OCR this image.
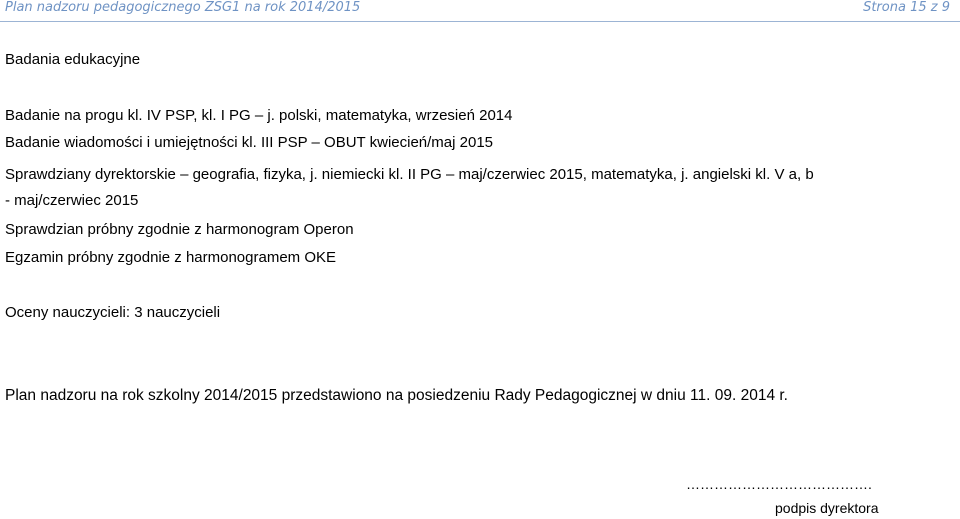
Plan nadzoru pedagogicznego ZSG1 na rok 2014/2015	Strona 15 z 9
Badania edukacyjne
Badanie na progu kl. IV PSP, kl. I PG – j. polski, matematyka, wrzesień 2014
Badanie wiadomości i umiejętności kl. III PSP – OBUT kwiecień/maj 2015
Sprawdziany dyrektorskie – geografia, fizyka, j. niemiecki kl. II PG – maj/czerwiec 2015, matematyka, j. angielski kl. V a, b
- maj/czerwiec 2015
Sprawdzian próbny zgodnie z harmonogram Operon
Egzamin próbny zgodnie z harmonogramem OKE
Oceny nauczycieli: 3 nauczycieli
Plan nadzoru na rok szkolny 2014/2015 przedstawiono na posiedzeniu Rady Pedagogicznej w dniu 11. 09. 2014 r.
………………………………….
podpis dyrektora
